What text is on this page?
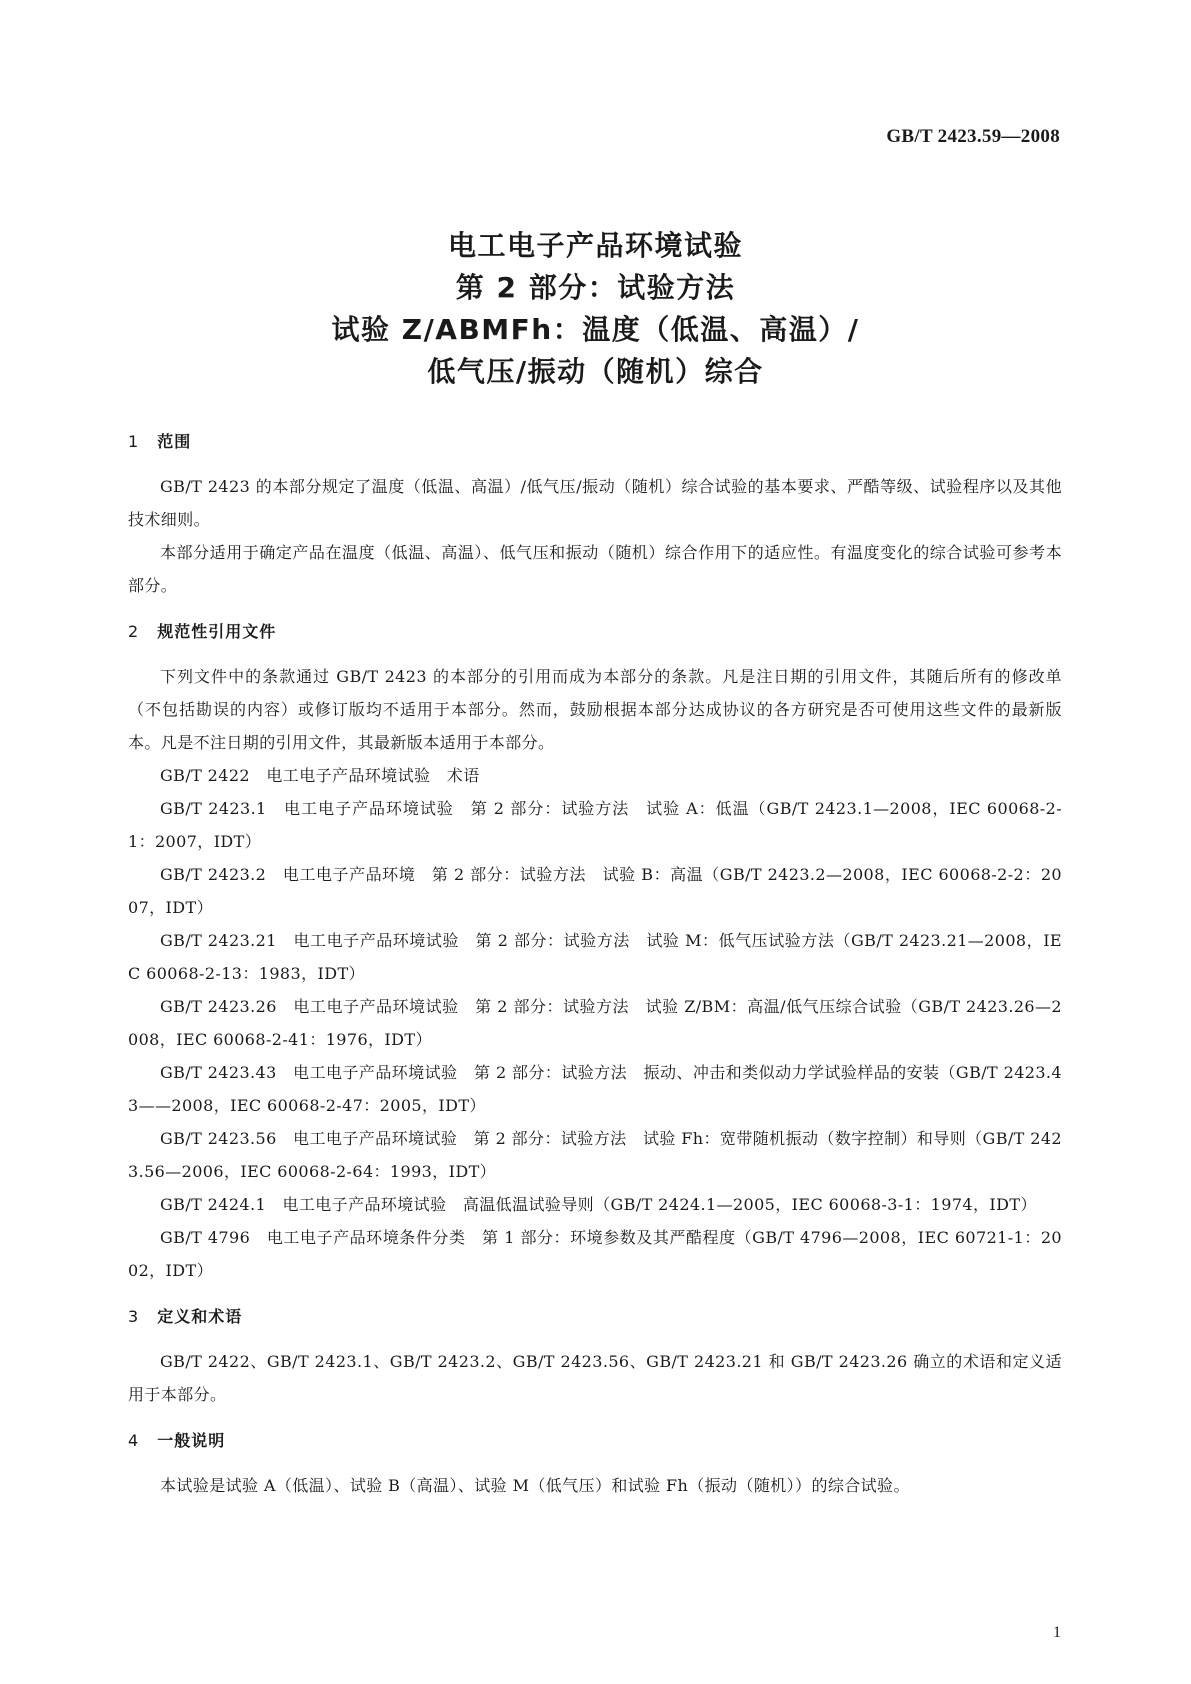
GB/T 2423.59—2008
电工电子产品环境试验
第 2 部分：试验方法
试验 Z/ABMFh：温度（低温、高温）/
低气压/振动（随机）综合
1 范围

GB/T 2423 的本部分规定了温度（低温、高温）/低气压/振动（随机）综合试验的基本要求、严酷等级、试验程序以及其他技术细则。

本部分适用于确定产品在温度（低温、高温）、低气压和振动（随机）综合作用下的适应性。有温度变化的综合试验可参考本部分。

2 规范性引用文件

下列文件中的条款通过 GB/T 2423 的本部分的引用而成为本部分的条款。凡是注日期的引用文件，其随后所有的修改单（不包括勘误的内容）或修订版均不适用于本部分。然而，鼓励根据本部分达成协议的各方研究是否可使用这些文件的最新版本。凡是不注日期的引用文件，其最新版本适用于本部分。

GB/T 2422　电工电子产品环境试验　术语

GB/T 2423.1　电工电子产品环境试验　第 2 部分：试验方法　试验 A：低温（GB/T 2423.1—2008，IEC 60068-2-1：2007，IDT）

GB/T 2423.2　电工电子产品环境　第 2 部分：试验方法　试验 B：高温（GB/T 2423.2—2008，IEC 60068-2-2：2007，IDT）

GB/T 2423.21　电工电子产品环境试验　第 2 部分：试验方法　试验 M：低气压试验方法（GB/T 2423.21—2008，IEC 60068-2-13：1983，IDT）

GB/T 2423.26　电工电子产品环境试验　第 2 部分：试验方法　试验 Z/BM：高温/低气压综合试验（GB/T 2423.26—2008，IEC 60068-2-41：1976，IDT）

GB/T 2423.43　电工电子产品环境试验　第 2 部分：试验方法　振动、冲击和类似动力学试验样品的安装（GB/T 2423.43——2008，IEC 60068-2-47：2005，IDT）

GB/T 2423.56　电工电子产品环境试验　第 2 部分：试验方法　试验 Fh：宽带随机振动（数字控制）和导则（GB/T 2423.56—2006，IEC 60068-2-64：1993，IDT）

GB/T 2424.1　电工电子产品环境试验　高温低温试验导则（GB/T 2424.1—2005，IEC 60068-3-1：1974，IDT）

GB/T 4796　电工电子产品环境条件分类　第 1 部分：环境参数及其严酷程度（GB/T 4796—2008，IEC 60721-1：2002，IDT）

3 定义和术语

GB/T 2422、GB/T 2423.1、GB/T 2423.2、GB/T 2423.56、GB/T 2423.21 和 GB/T 2423.26 确立的术语和定义适用于本部分。

4 一般说明

本试验是试验 A（低温）、试验 B（高温）、试验 M（低气压）和试验 Fh（振动（随机））的综合试验。

1
